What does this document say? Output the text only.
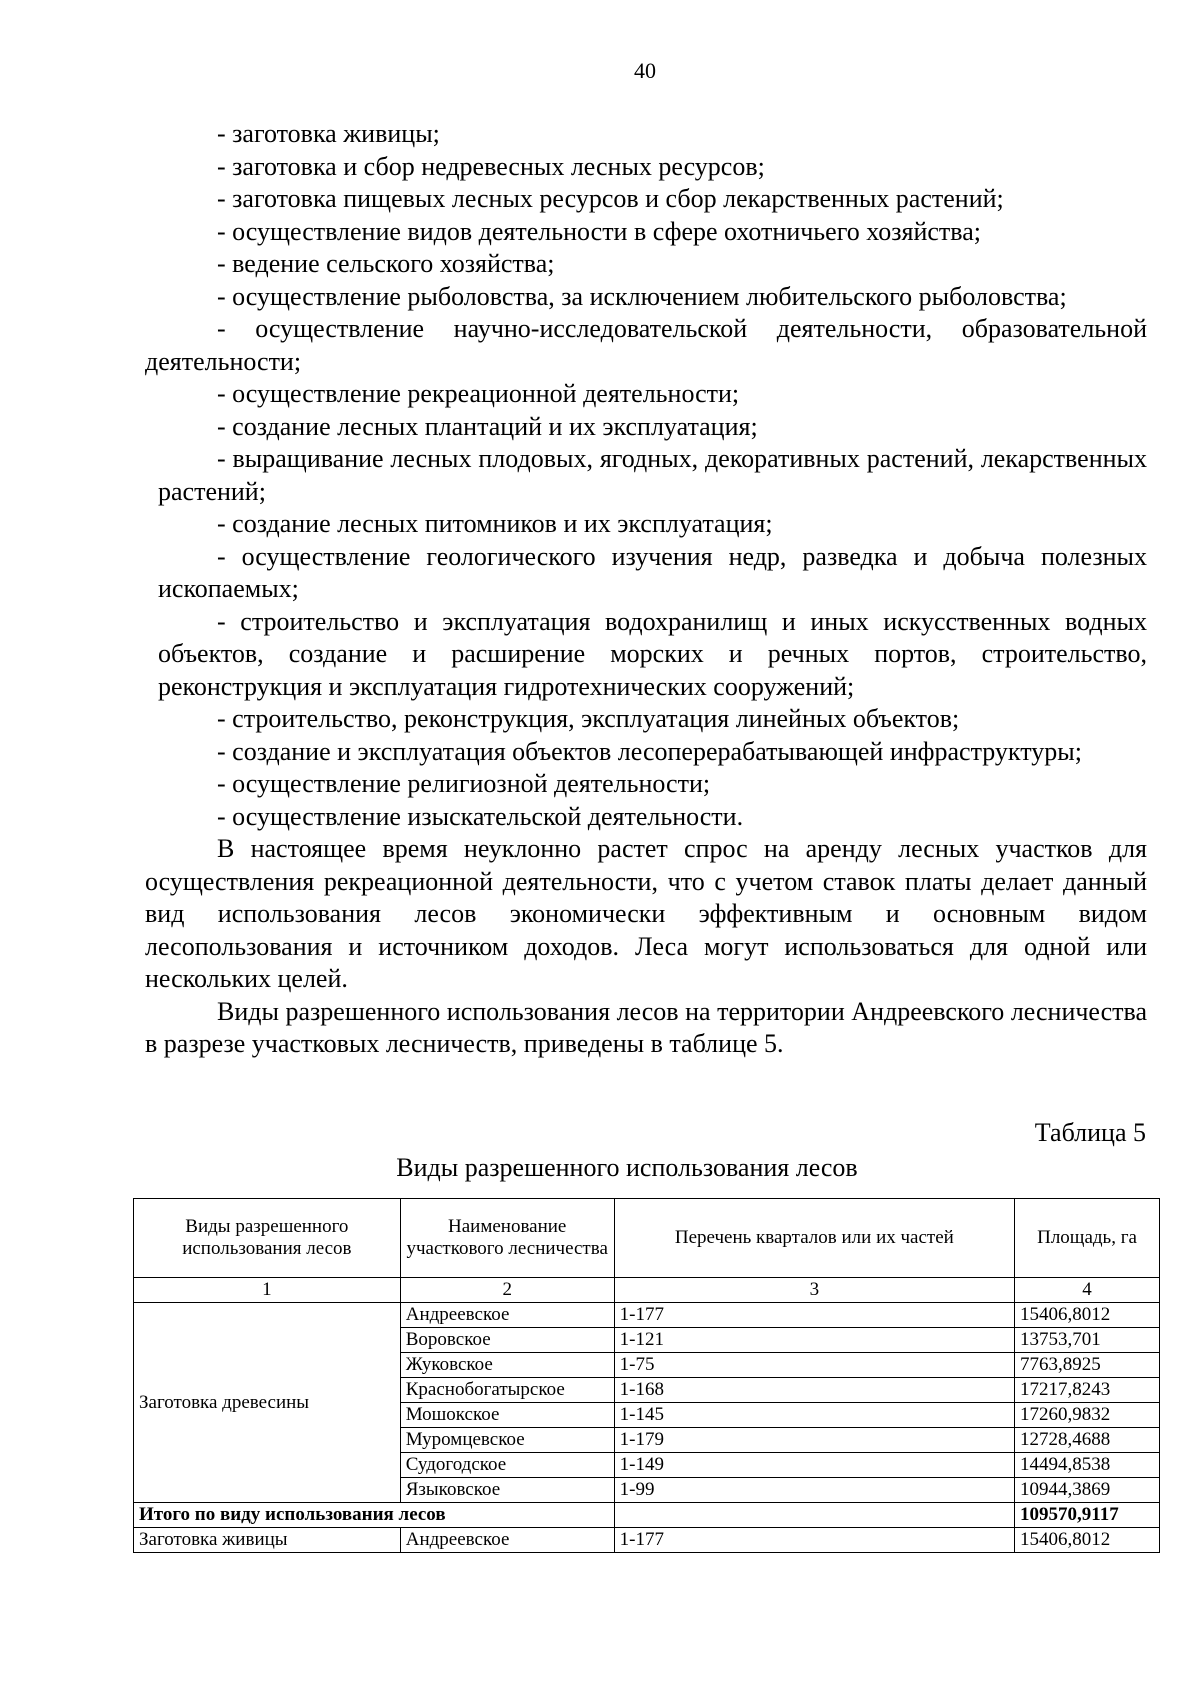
40

- заготовка живицы;

- заготовка и сбор недревесных лесных ресурсов;

- заготовка пищевых лесных ресурсов и сбор лекарственных растений;

- осуществление видов деятельности в сфере охотничьего хозяйства;

- ведение сельского хозяйства;

- осуществление рыболовства, за исключением любительского рыболовства;

- осуществление научно-исследовательской деятельности, образовательной деятельности;

- осуществление рекреационной деятельности;

- создание лесных плантаций и их эксплуатация;

- выращивание лесных плодовых, ягодных, декоративных растений, лекарственных растений;

- создание лесных питомников и их эксплуатация;

- осуществление геологического изучения недр, разведка и добыча полезных ископаемых;

- строительство и эксплуатация водохранилищ и иных искусственных водных объектов, создание и расширение морских и речных портов, строительство, реконструкция и эксплуатация гидротехнических сооружений;

- строительство, реконструкция, эксплуатация линейных объектов;

- создание и эксплуатация объектов лесоперерабатывающей инфраструктуры;

- осуществление религиозной деятельности;

- осуществление изыскательской деятельности.

В настоящее время неуклонно растет спрос на аренду лесных участков для осуществления рекреационной деятельности, что с учетом ставок платы делает данный вид использования лесов экономически эффективным и основным видом лесопользования и источником доходов. Леса могут использоваться для одной или нескольких целей.

Виды разрешенного использования лесов на территории Андреевского лесничества в разрезе участковых лесничеств, приведены в таблице 5.

Таблица 5
Виды разрешенного использования лесов
Виды разрешенного использования лесов	Наименование участкового лесничества	Перечень кварталов или их частей	Площадь, га
1	2	3	4
Заготовка древесины	Андреевское	1-177	15406,8012
	Воровское	1-121	13753,701
	Жуковское	1-75	7763,8925
	Краснобогатырское	1-168	17217,8243
	Мошокское	1-145	17260,9832
	Муромцевское	1-179	12728,4688
	Судогодское	1-149	14494,8538
	Языковское	1-99	10944,3869
Итого по виду использования лесов			109570,9117
Заготовка живицы	Андреевское	1-177	15406,8012
